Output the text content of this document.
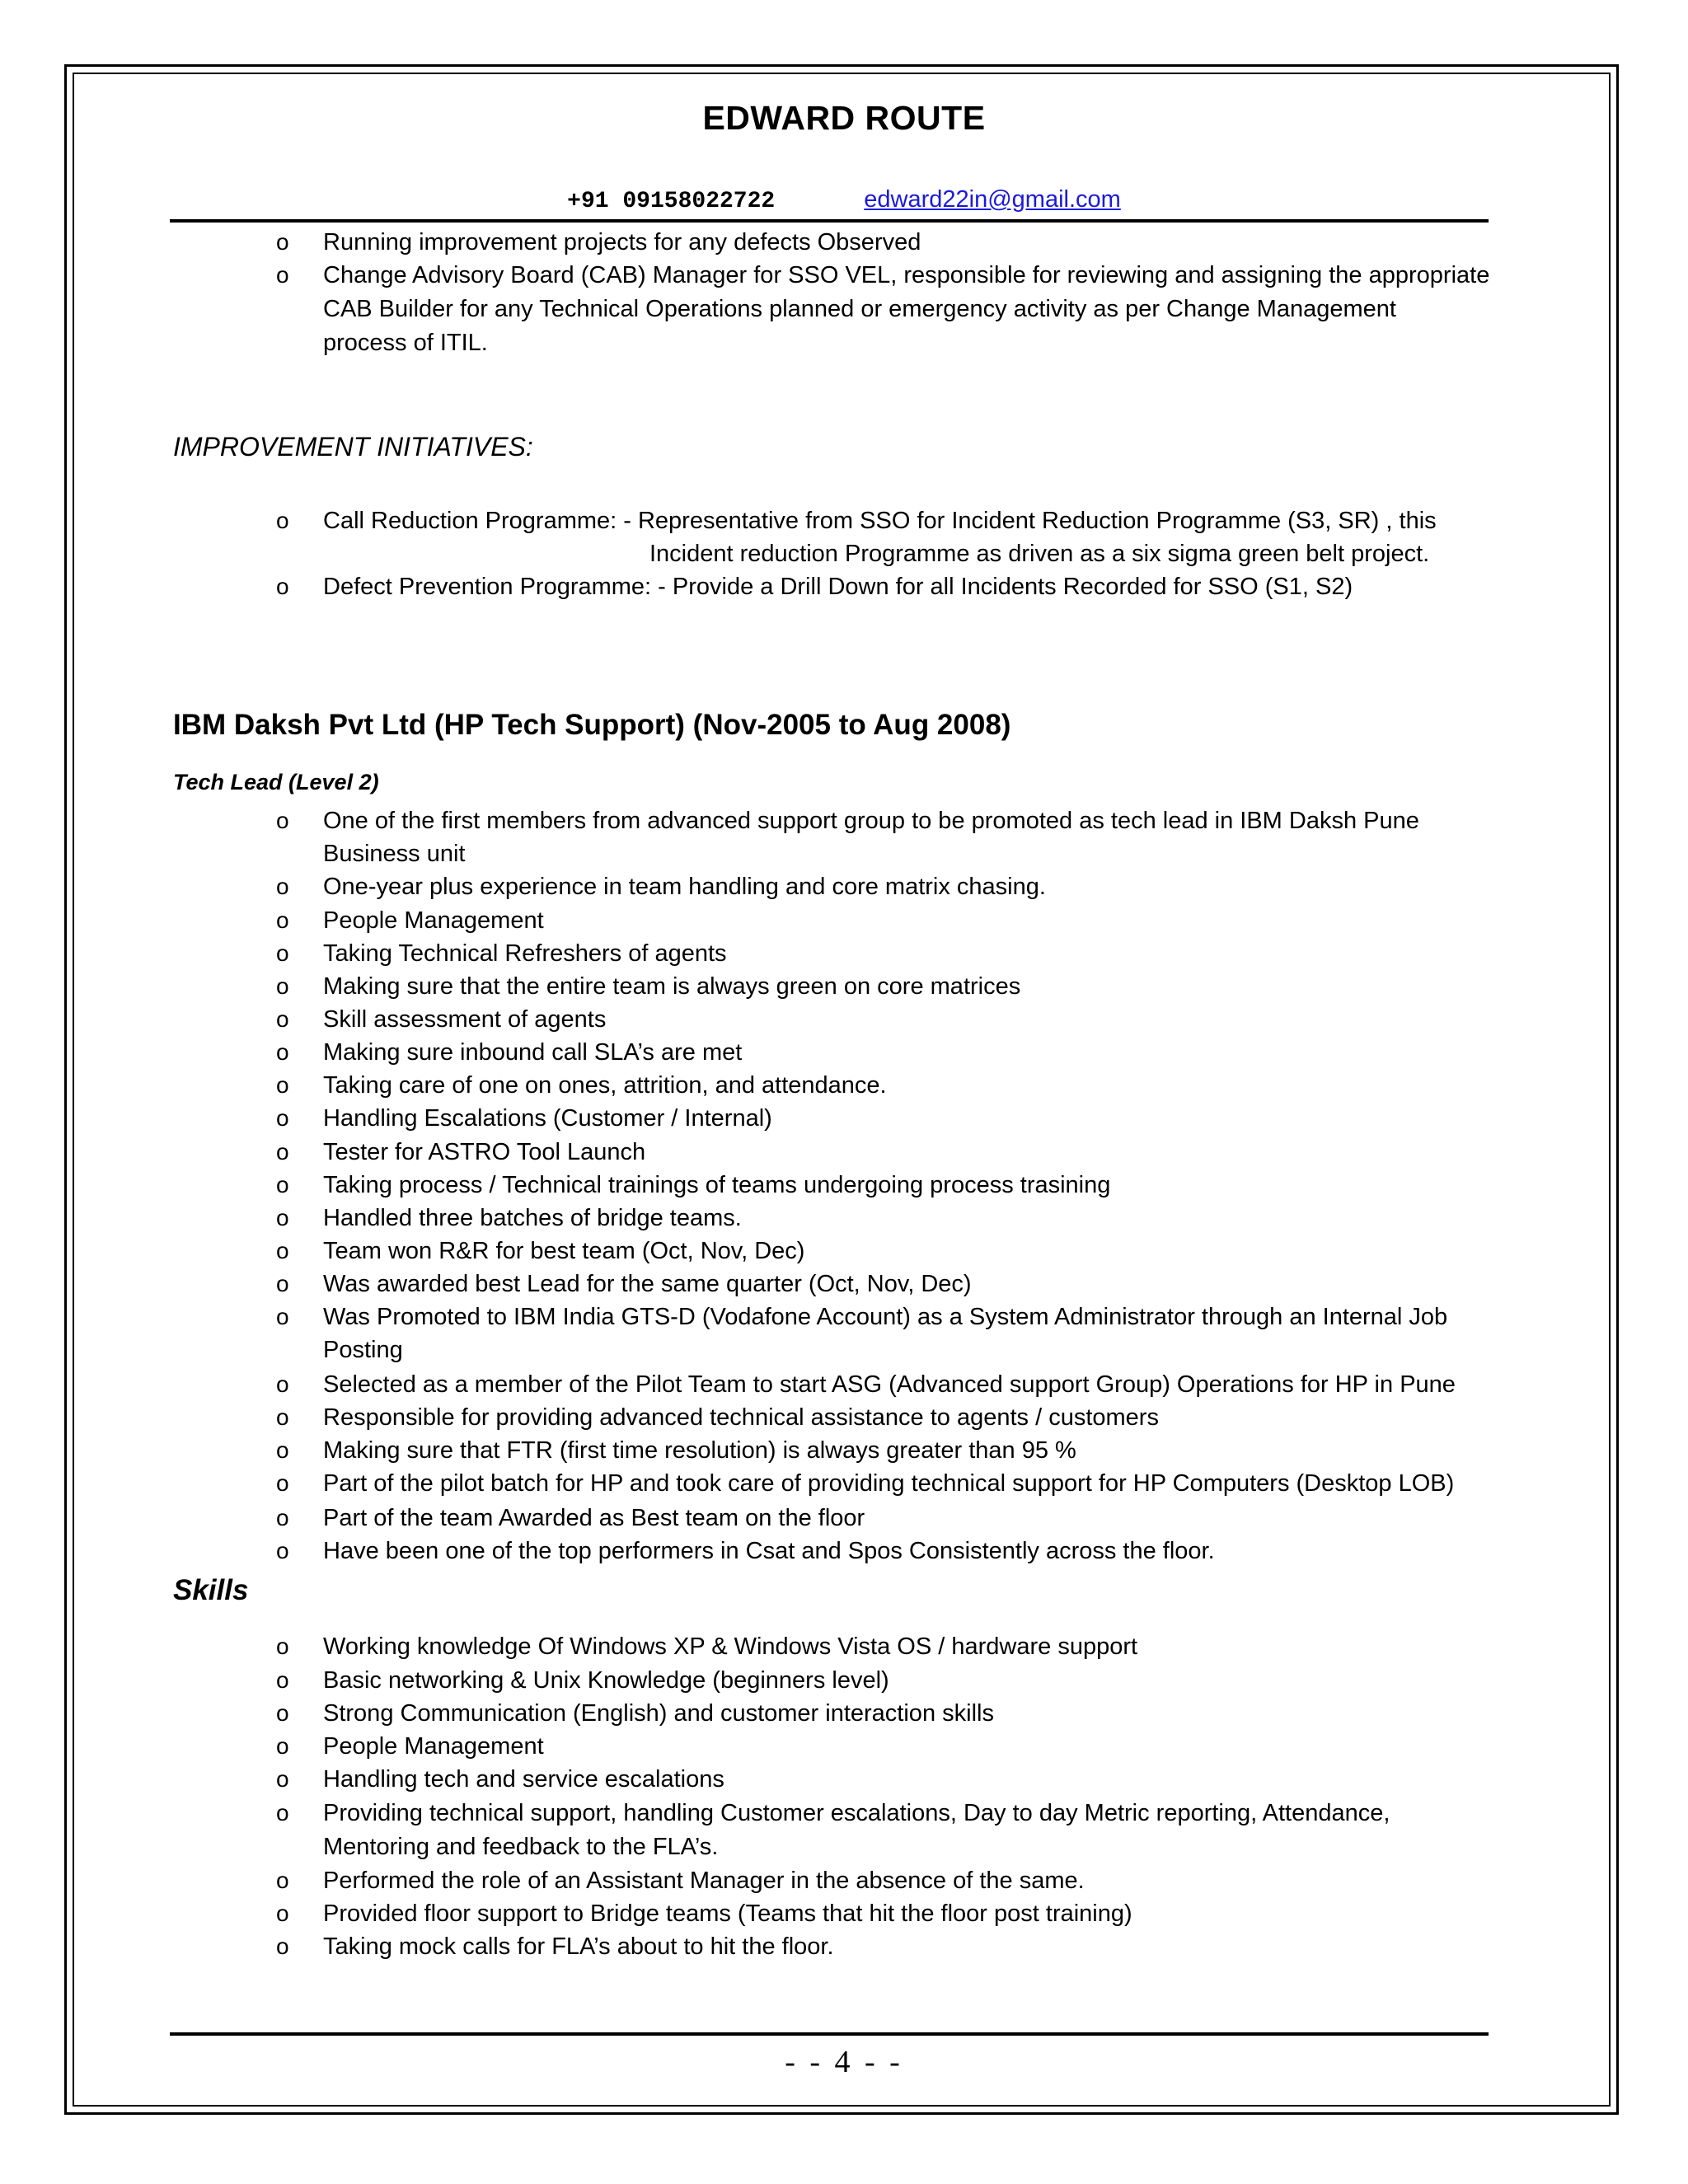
EDWARD ROUTE
+91 09158022722	edward22in@gmail.com
o Running improvement projects for any defects Observed
o Change Advisory Board (CAB) Manager for SSO VEL, responsible for reviewing and assigning the appropriate
CAB Builder for any Technical Operations planned or emergency activity as per Change Management
process of ITIL.
IMPROVEMENT INITIATIVES:
o Call Reduction Programme: - Representative from SSO for Incident Reduction Programme (S3, SR) , this
Incident reduction Programme as driven as a six sigma green belt project.
o Defect Prevention Programme: - Provide a Drill Down for all Incidents Recorded for SSO (S1, S2)
IBM Daksh Pvt Ltd (HP Tech Support) (Nov-2005 to Aug 2008)
Tech Lead (Level 2)
o One of the first members from advanced support group to be promoted as tech lead in IBM Daksh Pune
Business unit
o One-year plus experience in team handling and core matrix chasing.
o People Management
o Taking Technical Refreshers of agents
o Making sure that the entire team is always green on core matrices
o Skill assessment of agents
o Making sure inbound call SLA’s are met
o Taking care of one on ones, attrition, and attendance.
o Handling Escalations (Customer / Internal)
o Tester for ASTRO Tool Launch
o Taking process / Technical trainings of teams undergoing process trasining
o Handled three batches of bridge teams.
o Team won R&R for best team (Oct, Nov, Dec)
o Was awarded best Lead for the same quarter (Oct, Nov, Dec)
o Was Promoted to IBM India GTS-D (Vodafone Account) as a System Administrator through an Internal Job
Posting
o Selected as a member of the Pilot Team to start ASG (Advanced support Group) Operations for HP in Pune
o Responsible for providing advanced technical assistance to agents / customers
o Making sure that FTR (first time resolution) is always greater than 95 %
o Part of the pilot batch for HP and took care of providing technical support for HP Computers (Desktop LOB)
o Part of the team Awarded as Best team on the floor
o Have been one of the top performers in Csat and Spos Consistently across the floor.
Skills
o Working knowledge Of Windows XP & Windows Vista OS / hardware support
o Basic networking & Unix Knowledge (beginners level)
o Strong Communication (English) and customer interaction skills
o People Management
o Handling tech and service escalations
o Providing technical support, handling Customer escalations, Day to day Metric reporting, Attendance,
Mentoring and feedback to the FLA’s.
o Performed the role of an Assistant Manager in the absence of the same.
o Provided floor support to Bridge teams (Teams that hit the floor post training)
o Taking mock calls for FLA’s about to hit the floor.
- - 4 - -
